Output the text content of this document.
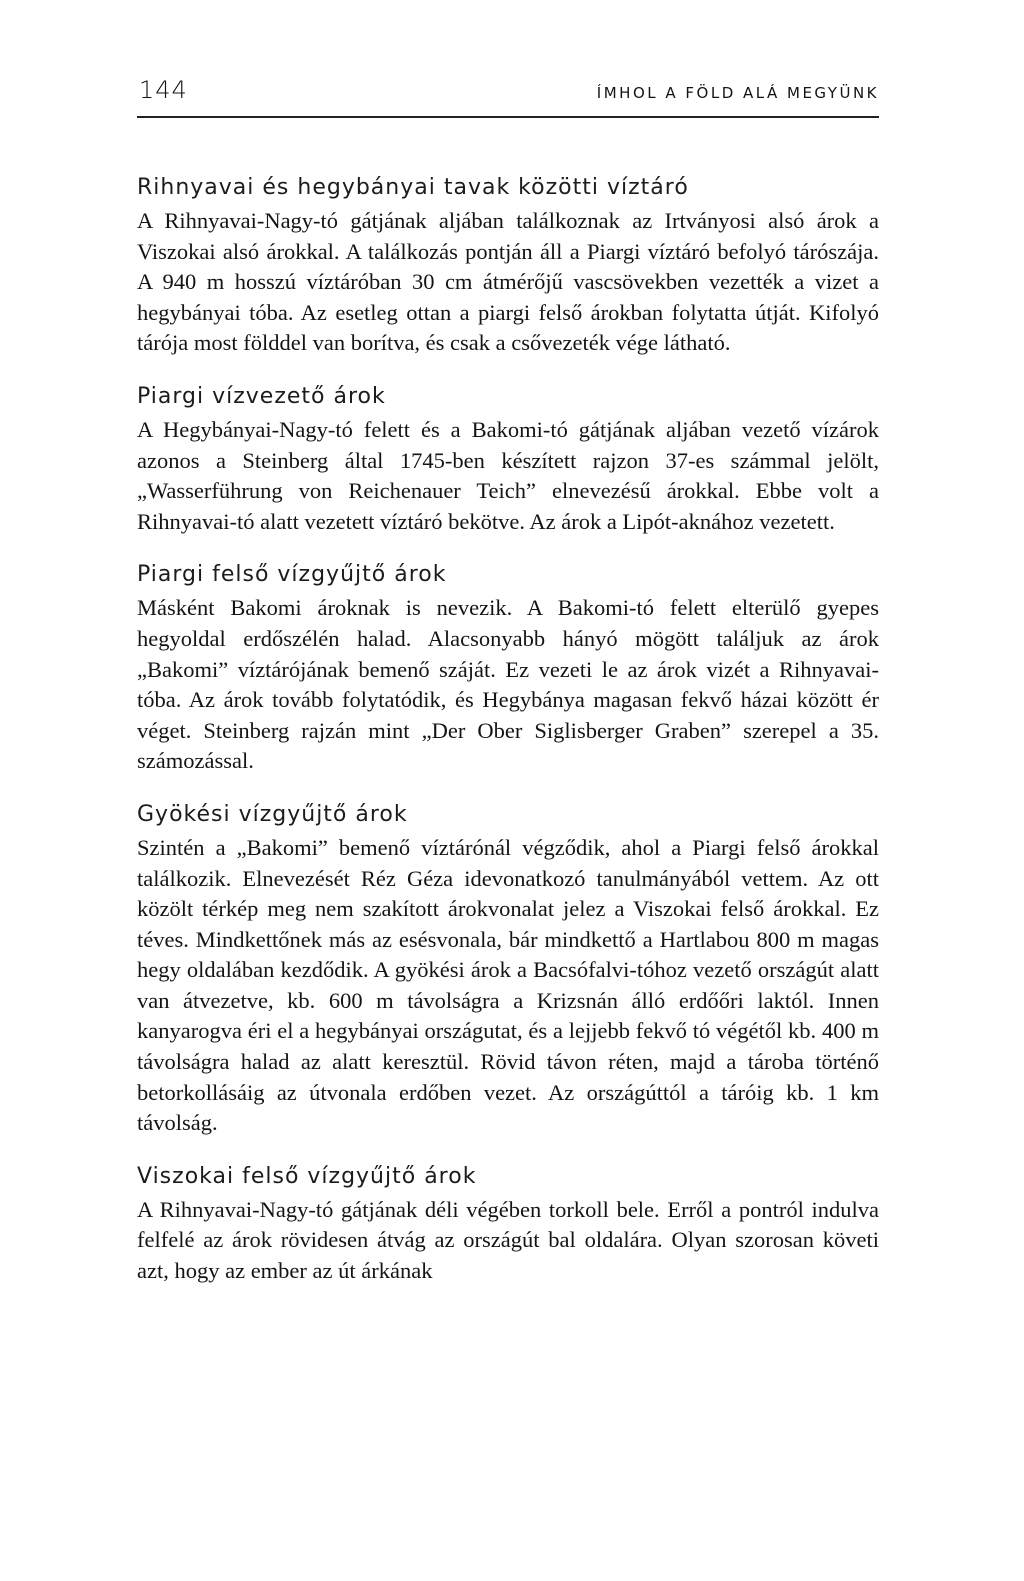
144	ÍMHOL A FÖLD ALÁ MEGYÜNK
Rihnyavai és hegybányai tavak közötti víztáró

A Rihnyavai-Nagy-tó gátjának aljában találkoznak az Irtványosi alsó árok a Viszokai alsó árokkal. A találkozás pontján áll a Piargi víztáró befolyó tárószája. A 940 m hosszú víztáróban 30 cm átmérőjű vascsövekben vezették a vizet a hegybányai tóba. Az esetleg ottan a piargi felső árokban folytatta útját. Kifolyó tárója most földdel van borítva, és csak a csővezeték vége látható.

Piargi vízvezető árok

A Hegybányai-Nagy-tó felett és a Bakomi-tó gátjának aljában vezető vízárok azonos a Steinberg által 1745-ben készített rajzon 37-es számmal jelölt, „Wasserführung von Reichenauer Teich” elnevezésű árokkal. Ebbe volt a Rihnyavai-tó alatt vezetett víztáró bekötve. Az árok a Lipót-aknához vezetett.

Piargi felső vízgyűjtő árok

Másként Bakomi ároknak is nevezik. A Bakomi-tó felett elterülő gyepes hegyoldal erdőszélén halad. Alacsonyabb hányó mögött találjuk az árok „Bakomi” víztárójának bemenő száját. Ez vezeti le az árok vizét a Rihnyavai-tóba. Az árok tovább folytatódik, és Hegybánya magasan fekvő házai között ér véget. Steinberg rajzán mint „Der Ober Siglisberger Graben” szerepel a 35. számozással.

Gyökési vízgyűjtő árok

Szintén a „Bakomi” bemenő víztárónál végződik, ahol a Piargi felső árokkal találkozik. Elnevezését Réz Géza idevonatkozó tanulmányából vettem. Az ott közölt térkép meg nem szakított árokvonalat jelez a Viszokai felső árokkal. Ez téves. Mindkettőnek más az esésvonala, bár mindkettő a Hartlabou 800 m magas hegy oldalában kezdődik. A gyökési árok a Bacsófalvi-tóhoz vezető országút alatt van átvezetve, kb. 600 m távolságra a Krizsnán álló erdőőri laktól. Innen kanyarogva éri el a hegybányai országutat, és a lejjebb fekvő tó végétől kb. 400 m távolságra halad az alatt keresztül. Rövid távon réten, majd a tároba történő betorkollásáig az útvonala erdőben vezet. Az országúttól a táróig kb. 1 km távolság.

Viszokai felső vízgyűjtő árok

A Rihnyavai-Nagy-tó gátjának déli végében torkoll bele. Erről a pontról indulva felfelé az árok rövidesen átvág az országút bal oldalára. Olyan szorosan követi azt, hogy az ember az út árkának
